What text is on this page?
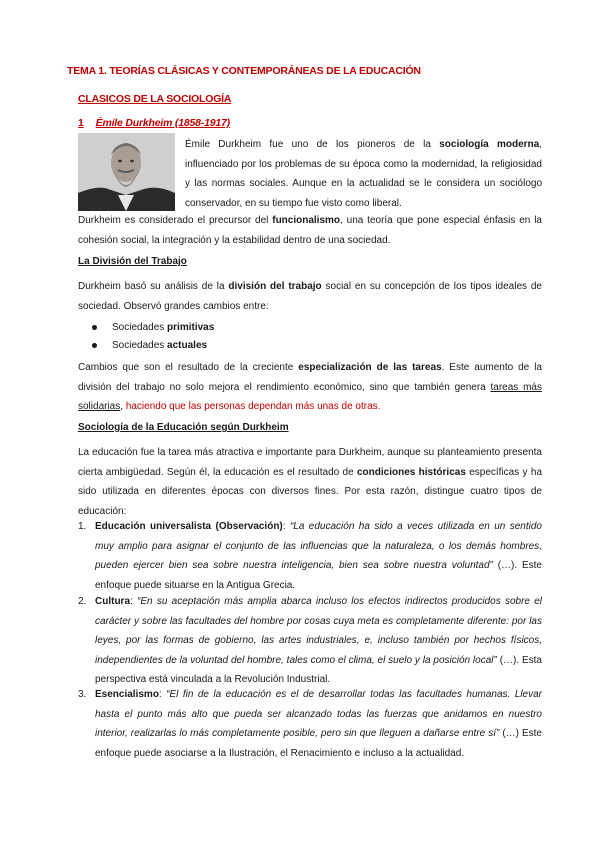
TEMA 1. TEORÍAS CLÁSICAS Y CONTEMPORÁNEAS DE LA EDUCACIÓN
CLASICOS DE LA SOCIOLOGÍA
1 Émile Durkheim (1858-1917)
Émile Durkheim fue uno de los pioneros de la sociología moderna, influenciado por los problemas de su época como la modernidad, la religiosidad y las normas sociales. Aunque en la actualidad se le considera un sociólogo conservador, en su tiempo fue visto como liberal.
Durkheim es considerado el precursor del funcionalismo, una teoría que pone especial énfasis en la cohesión social, la integración y la estabilidad dentro de una sociedad.
La División del Trabajo
Durkheim basó su análisis de la división del trabajo social en su concepción de los tipos ideales de sociedad. Observó grandes cambios entre:
Sociedades primitivas
Sociedades actuales
Cambios que son el resultado de la creciente especialización de las tareas. Este aumento de la división del trabajo no solo mejora el rendimiento económico, sino que también genera tareas más solidarias, haciendo que las personas dependan más unas de otras.
Sociología de la Educación según Durkheim
La educación fue la tarea más atractiva e importante para Durkheim, aunque su planteamiento presenta cierta ambigüedad. Según él, la educación es el resultado de condiciones históricas específicas y ha sido utilizada en diferentes épocas con diversos fines. Por esta razón, distingue cuatro tipos de educación:
1. Educación universalista (Observación): “La educación ha sido a veces utilizada en un sentido muy amplio para asignar el conjunto de las influencias que la naturaleza, o los demás hombres, pueden ejercer bien sea sobre nuestra inteligencia, bien sea sobre nuestra voluntad” (…). Este enfoque puede situarse en la Antigua Grecia.
2. Cultura: “En su aceptación más amplia abarca incluso los efectos indirectos producidos sobre el carácter y sobre las facultades del hombre por cosas cuya meta es completamente diferente: por las leyes, por las formas de gobierno, las artes industriales, e, incluso también por hechos físicos, independientes de la voluntad del hombre, tales como el clima, el suelo y la posición local” (…). Esta perspectiva está vinculada a la Revolución Industrial.
3. Esencialismo: “El fin de la educación es el de desarrollar todas las facultades humanas. Llevar hasta el punto más alto que pueda ser alcanzado todas las fuerzas que anidamos en nuestro interior, realizarlas lo más completamente posible, pero sin que lleguen a dañarse entre sí” (…) Este enfoque puede asociarse a la Ilustración, el Renacimiento e incluso a la actualidad.
